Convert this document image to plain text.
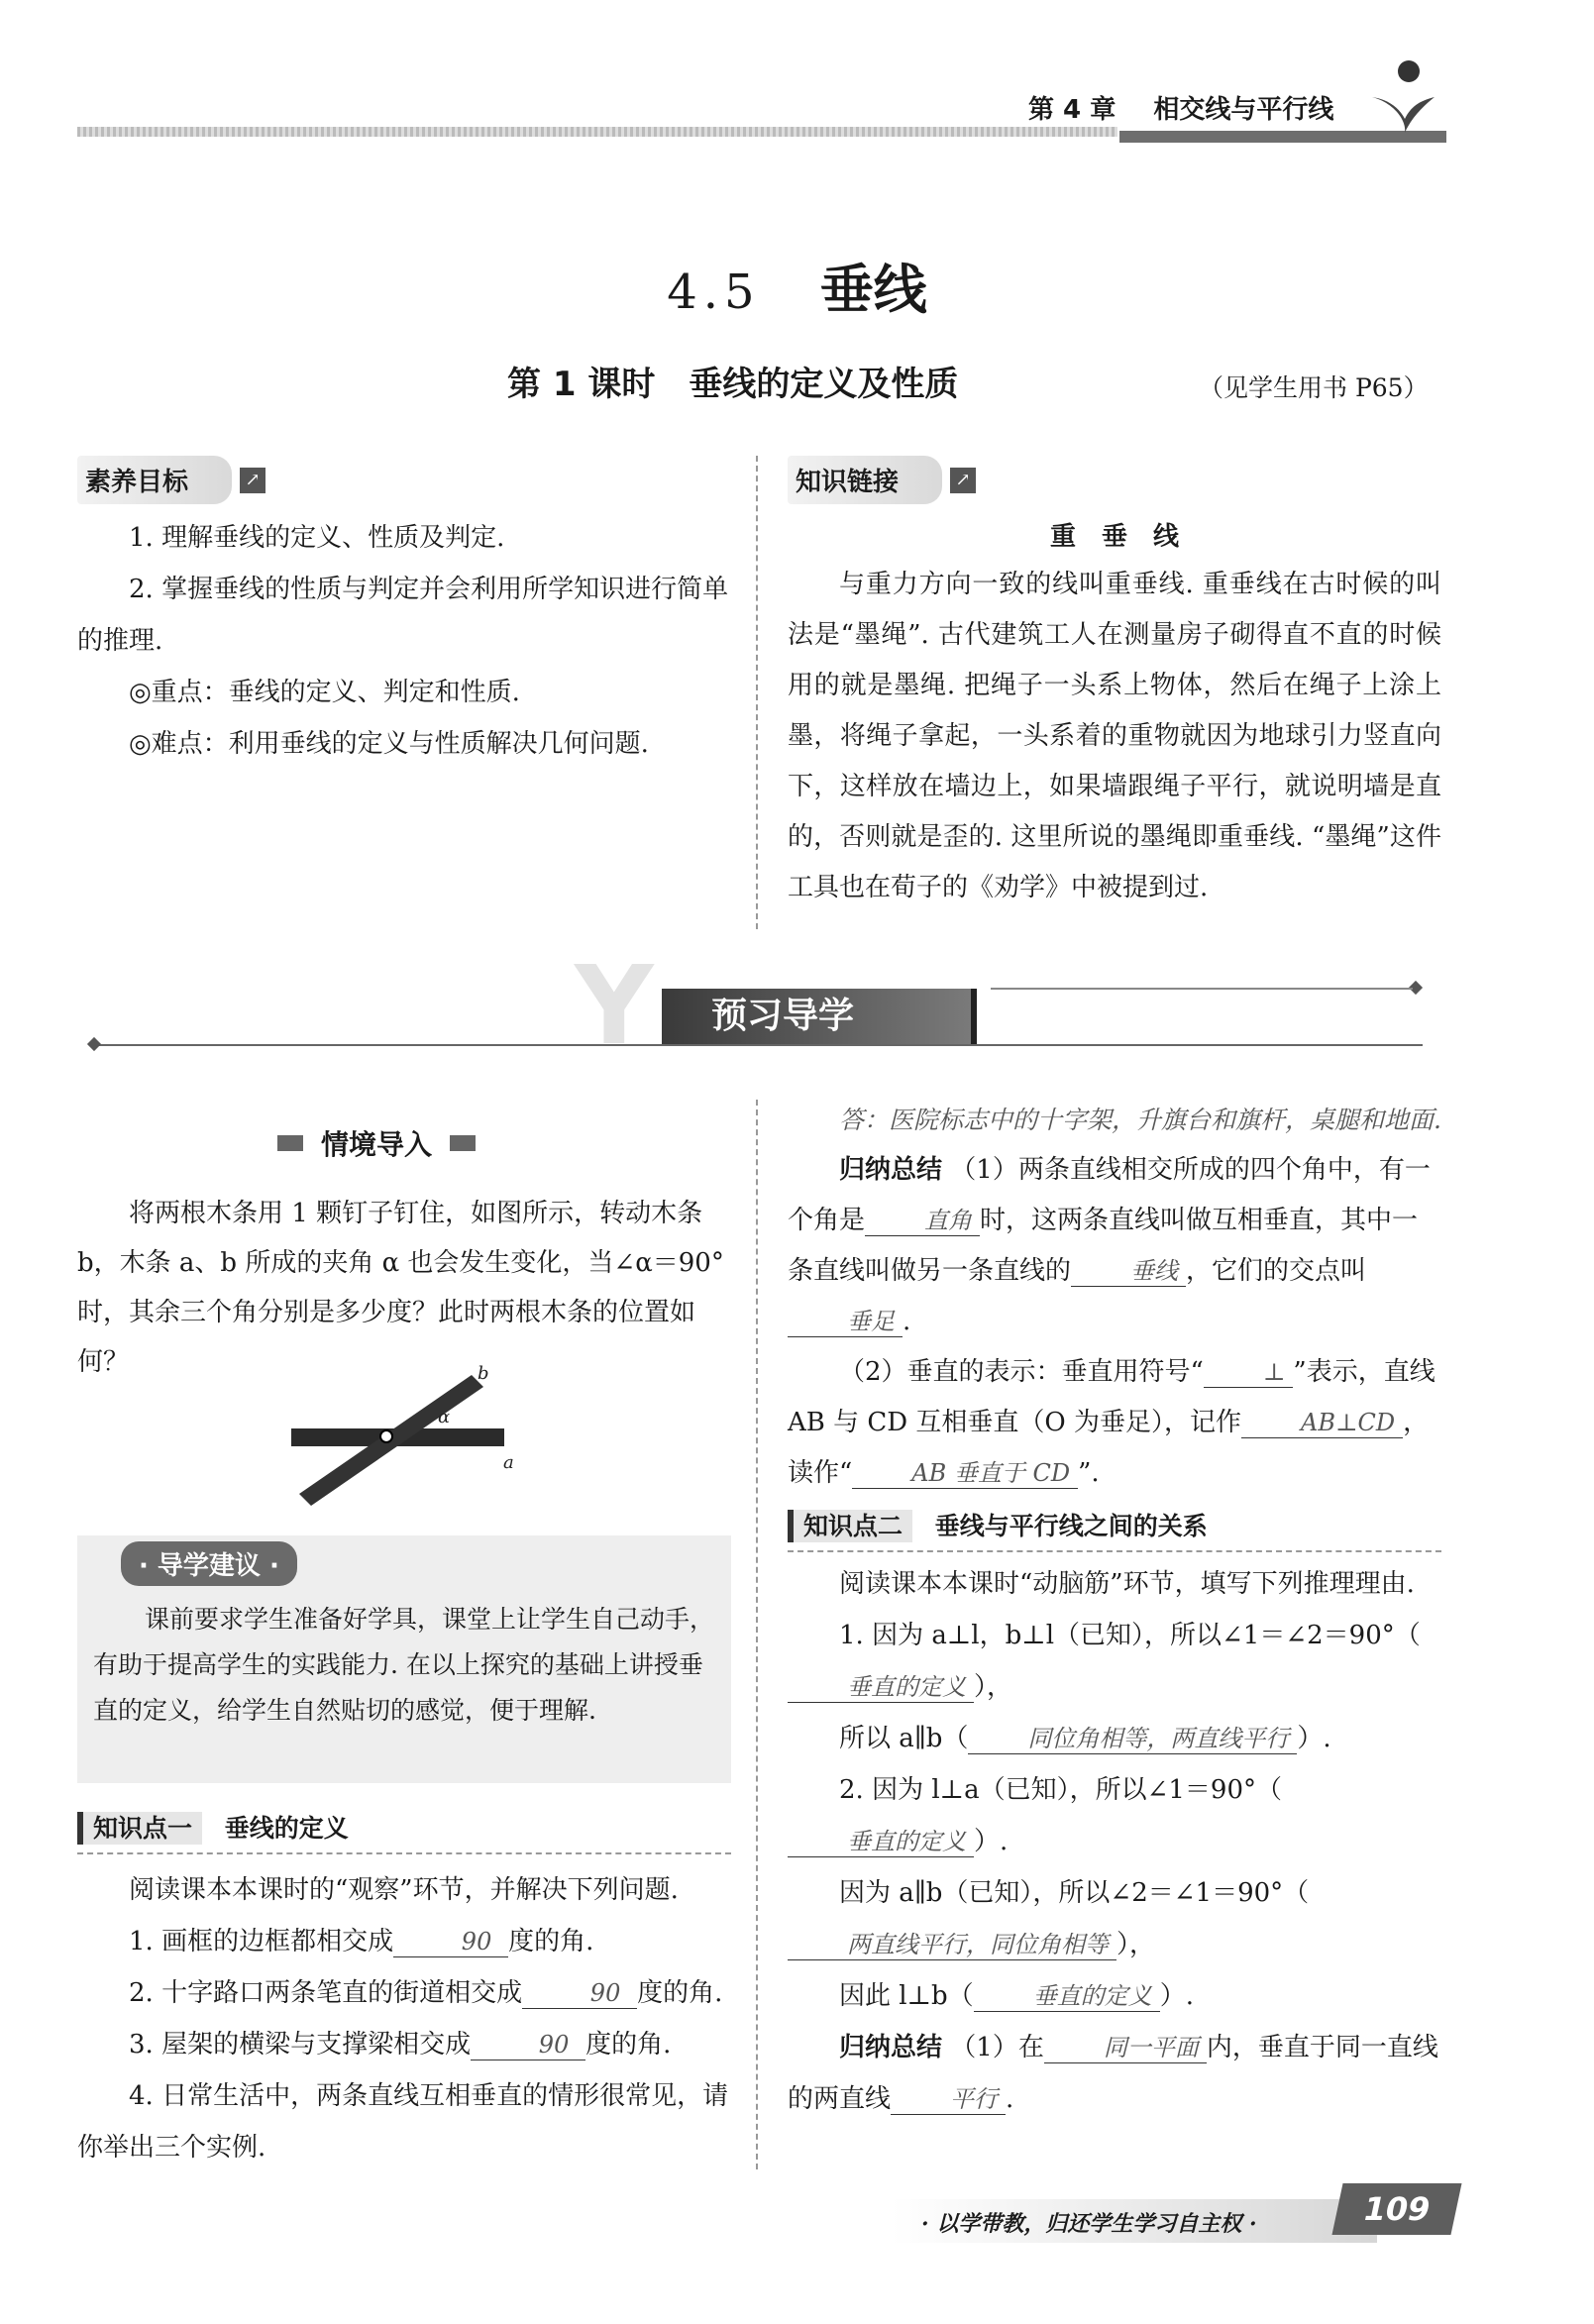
第 4 章 相交线与平行线
4.5 垂线
第 1 课时　垂线的定义及性质	（见学生用书 P65）
素养目标	↗

1. 理解垂线的定义、性质及判定.

2. 掌握垂线的性质与判定并会利用所学知识进行简单的推理.

◎重点：垂线的定义、判定和性质.

◎难点：利用垂线的定义与性质解决几何问题.

知识链接	↗
重　垂　线

与重力方向一致的线叫重垂线. 重垂线在古时候的叫法是“墨绳”. 古代建筑工人在测量房子砌得直不直的时候用的就是墨绳. 把绳子一头系上物体，然后在绳子上涂上墨，将绳子拿起，一头系着的重物就因为地球引力竖直向下，这样放在墙边上，如果墙跟绳子平行，就说明墙是直的，否则就是歪的. 这里所说的墨绳即重垂线. “墨绳”这件工具也在荀子的《劝学》中被提到过.

Y	预习导学
情境导入

将两根木条用 1 颗钉子钉住，如图所示，转动木条 b，木条 a、b 所成的夹角 α 也会发生变化，当∠α＝90°时，其余三个角分别是多少度？此时两根木条的位置如何？	b
a
α
· 导学建议 ·

课前要求学生准备好学具，课堂上让学生自己动手，有助于提高学生的实践能力. 在以上探究的基础上讲授垂直的定义，给学生自然贴切的感觉，便于理解.

知识点一 垂线的定义

阅读课本本课时的“观察”环节，并解决下列问题.

1. 画框的边框都相交成	90 度的角.

2. 十字路口两条笔直的街道相交成	90 度的角.

3. 屋架的横梁与支撑梁相交成	90 度的角.

4. 日常生活中，两条直线互相垂直的情形很常见，请你举出三个实例.

答：医院标志中的十字架，升旗台和旗杆，桌腿和地面.

归纳总结 （1）两条直线相交所成的四个角中，有一个角是	直角 时，这两条直线叫做互相垂直，其中一条直线叫做另一条直线的	垂线 ，它们的交点叫垂足 .

（2）垂直的表示：垂直用符号“	⊥ ”表示，直线 AB 与 CD 互相垂直（O 为垂足），记作	AB⊥CD ，读作“	AB 垂直于 CD ”.

知识点二 垂线与平行线之间的关系

阅读课本本课时“动脑筋”环节，填写下列推理理由.

1. 因为 a⊥l，b⊥l（已知），所以∠1＝∠2＝90°（垂直的定义 ），

所以 a∥b（	同位角相等，两直线平行 ）.

2. 因为 l⊥a（已知），所以∠1＝90°（垂直的定义 ）.

因为 a∥b（已知），所以∠2＝∠1＝90°（两直线平行，同位角相等 ），

因此 l⊥b（	垂直的定义 ）.

归纳总结 （1）在	同一平面 内，垂直于同一直线的两直线	平行 .

· 以学带教，归还学生学习自主权 ·	109
